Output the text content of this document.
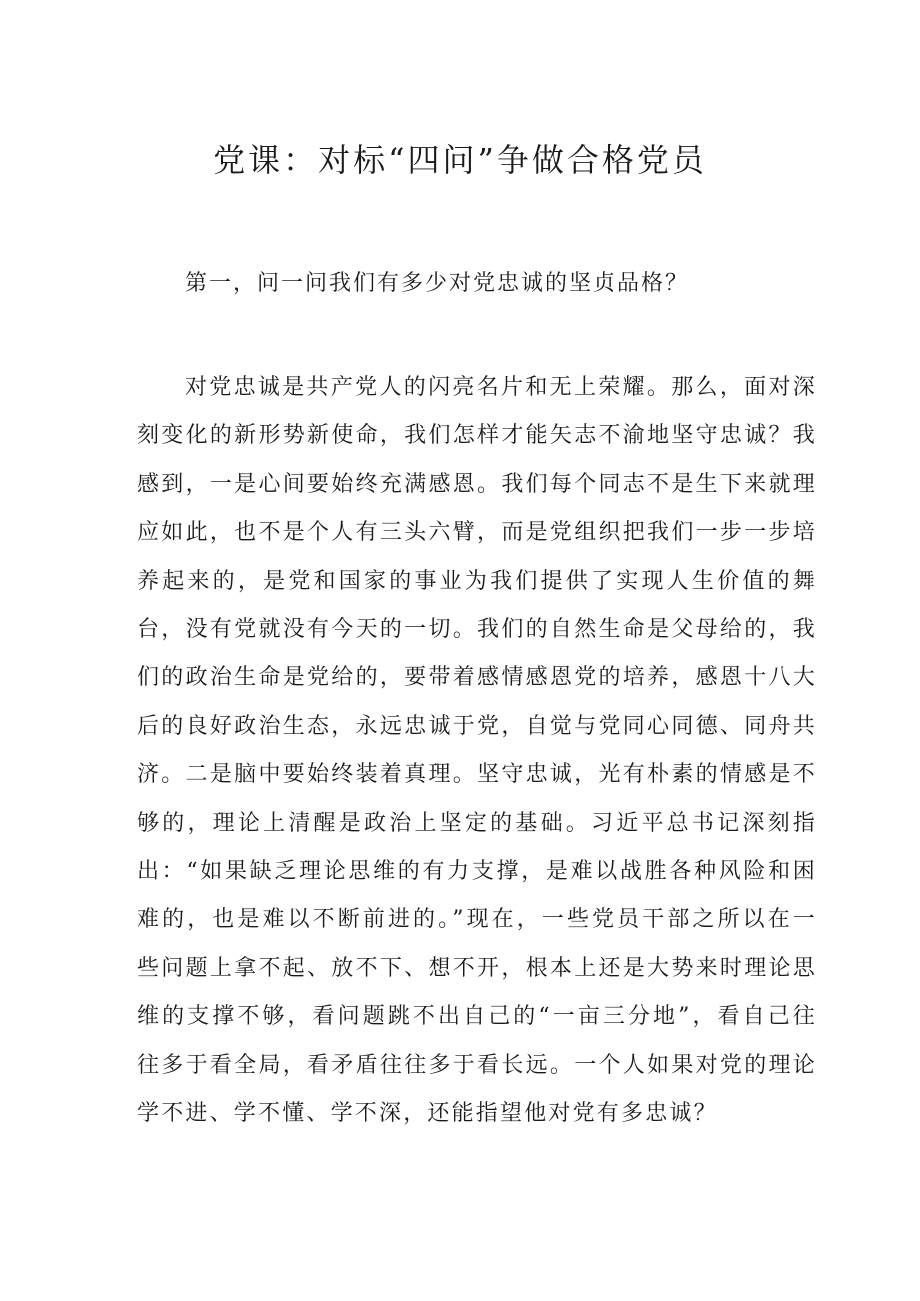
党课：对标“四问”争做合格党员

第一，问一问我们有多少对党忠诚的坚贞品格？

对党忠诚是共产党人的闪亮名片和无上荣耀。那么，面对深刻变化的新形势新使命，我们怎样才能矢志不渝地坚守忠诚？我感到，一是心间要始终充满感恩。我们每个同志不是生下来就理应如此，也不是个人有三头六臂，而是党组织把我们一步一步培养起来的，是党和国家的事业为我们提供了实现人生价值的舞台，没有党就没有今天的一切。我们的自然生命是父母给的，我们的政治生命是党给的，要带着感情感恩党的培养，感恩十八大后的良好政治生态，永远忠诚于党，自觉与党同心同德、同舟共济。二是脑中要始终装着真理。坚守忠诚，光有朴素的情感是不够的，理论上清醒是政治上坚定的基础。习近平总书记深刻指出：“如果缺乏理论思维的有力支撑，是难以战胜各种风险和困难的，也是难以不断前进的。”现在，一些党员干部之所以在一些问题上拿不起、放不下、想不开，根本上还是大势来时理论思维的支撑不够，看问题跳不出自己的“一亩三分地”，看自己往往多于看全局，看矛盾往往多于看长远。一个人如果对党的理论学不进、学不懂、学不深，还能指望他对党有多忠诚？
